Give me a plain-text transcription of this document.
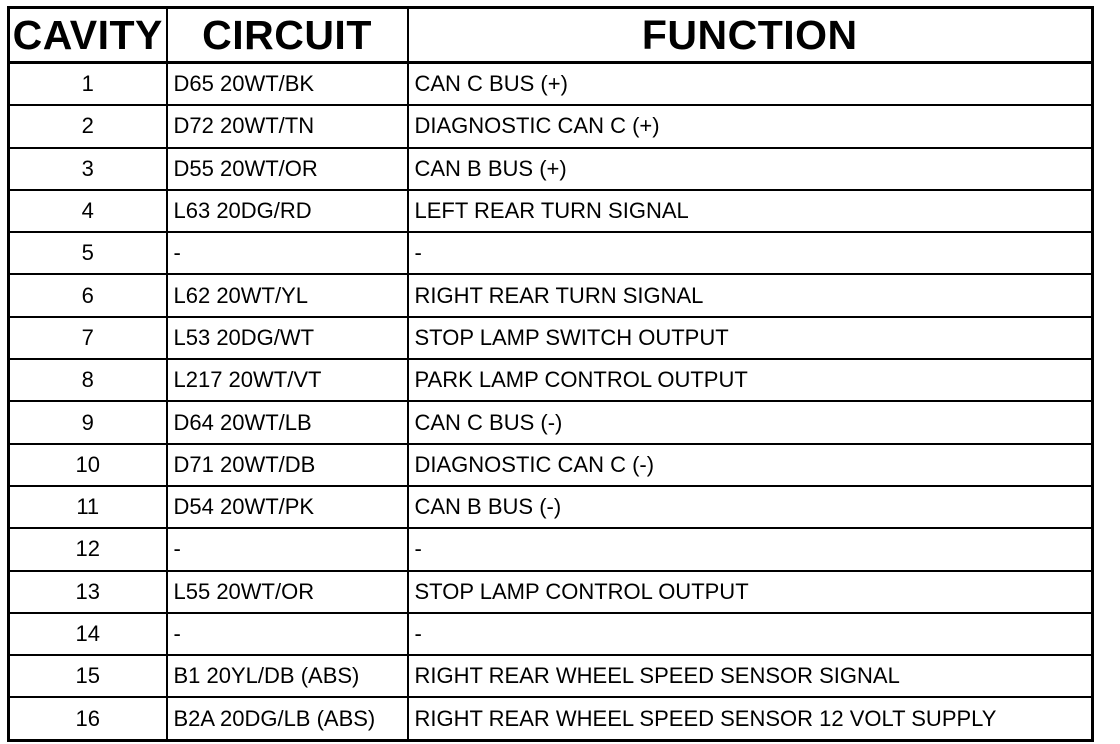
CAVITY	CIRCUIT	FUNCTION
1	D65 20WT/BK	CAN C BUS (+)
2	D72 20WT/TN	DIAGNOSTIC CAN C (+)
3	D55 20WT/OR	CAN B BUS (+)
4	L63 20DG/RD	LEFT REAR TURN SIGNAL
5	-	-
6	L62 20WT/YL	RIGHT REAR TURN SIGNAL
7	L53 20DG/WT	STOP LAMP SWITCH OUTPUT
8	L217 20WT/VT	PARK LAMP CONTROL OUTPUT
9	D64 20WT/LB	CAN C BUS (-)
10	D71 20WT/DB	DIAGNOSTIC CAN C (-)
11	D54 20WT/PK	CAN B BUS (-)
12	-	-
13	L55 20WT/OR	STOP LAMP CONTROL OUTPUT
14	-	-
15	B1 20YL/DB (ABS)	RIGHT REAR WHEEL SPEED SENSOR SIGNAL
16	B2A 20DG/LB (ABS)	RIGHT REAR WHEEL SPEED SENSOR 12 VOLT SUPPLY
